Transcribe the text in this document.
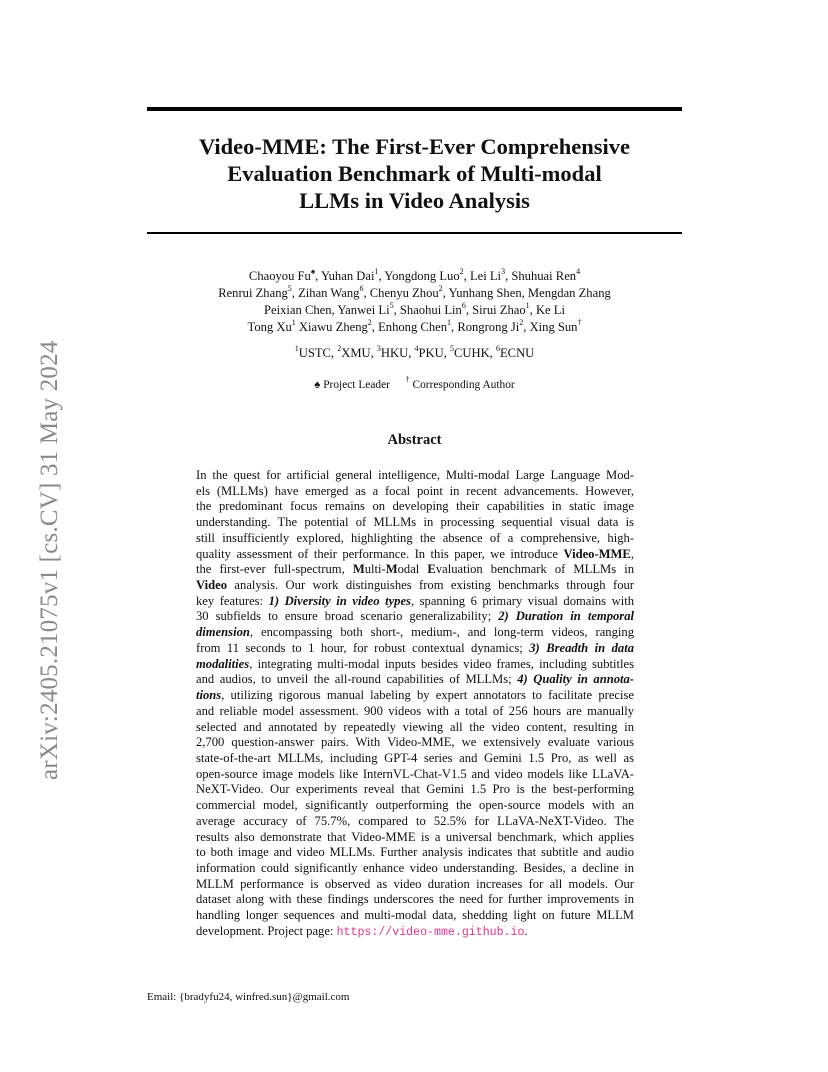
arXiv:2405.21075v1 [cs.CV] 31 May 2024
Video-MME: The First-Ever Comprehensive
Evaluation Benchmark of Multi-modal
LLMs in Video Analysis
Chaoyou Fu♠, Yuhan Dai$^1$, Yongdong Luo$^2$, Lei Li$^3$, Shuhuai Ren$^4$
Renrui Zhang$^5$, Zihan Wang$^6$, Chenyu Zhou$^2$, Yunhang Shen, Mengdan Zhang
Peixian Chen, Yanwei Li$^5$, Shaohui Lin$^6$, Sirui Zhao$^1$, Ke Li
Tong Xu$^1$ Xiawu Zheng$^2$, Enhong Chen$^1$, Rongrong Ji$^2$, Xing Sun†
$^1$USTC, $^2$XMU, $^3$HKU, $^4$PKU, $^5$CUHK, $^6$ECNU
♠ Project Leader † Corresponding Author
Abstract
In the quest for artificial general intelligence, Multi-modal Large Language Mod-
els (MLLMs) have emerged as a focal point in recent advancements. However,
the predominant focus remains on developing their capabilities in static image
understanding. The potential of MLLMs in processing sequential visual data is
still insufficiently explored, highlighting the absence of a comprehensive, high-
quality assessment of their performance. In this paper, we introduce Video-MME,
the first-ever full-spectrum, Multi-Modal Evaluation benchmark of MLLMs in
Video analysis. Our work distinguishes from existing benchmarks through four
key features: 1) Diversity in video types, spanning 6 primary visual domains with
30 subfields to ensure broad scenario generalizability; 2) Duration in temporal
dimension, encompassing both short-, medium-, and long-term videos, ranging
from 11 seconds to 1 hour, for robust contextual dynamics; 3) Breadth in data
modalities, integrating multi-modal inputs besides video frames, including subtitles
and audios, to unveil the all-round capabilities of MLLMs; 4) Quality in annota-
tions, utilizing rigorous manual labeling by expert annotators to facilitate precise
and reliable model assessment. 900 videos with a total of 256 hours are manually
selected and annotated by repeatedly viewing all the video content, resulting in
2,700 question-answer pairs. With Video-MME, we extensively evaluate various
state-of-the-art MLLMs, including GPT-4 series and Gemini 1.5 Pro, as well as
open-source image models like InternVL-Chat-V1.5 and video models like LLaVA-
NeXT-Video. Our experiments reveal that Gemini 1.5 Pro is the best-performing
commercial model, significantly outperforming the open-source models with an
average accuracy of 75.7%, compared to 52.5% for LLaVA-NeXT-Video. The
results also demonstrate that Video-MME is a universal benchmark, which applies
to both image and video MLLMs. Further analysis indicates that subtitle and audio
information could significantly enhance video understanding. Besides, a decline in
MLLM performance is observed as video duration increases for all models. Our
dataset along with these findings underscores the need for further improvements in
handling longer sequences and multi-modal data, shedding light on future MLLM
development. Project page: https://video-mme.github.io.
Email: {bradyfu24, winfred.sun}@gmail.com
